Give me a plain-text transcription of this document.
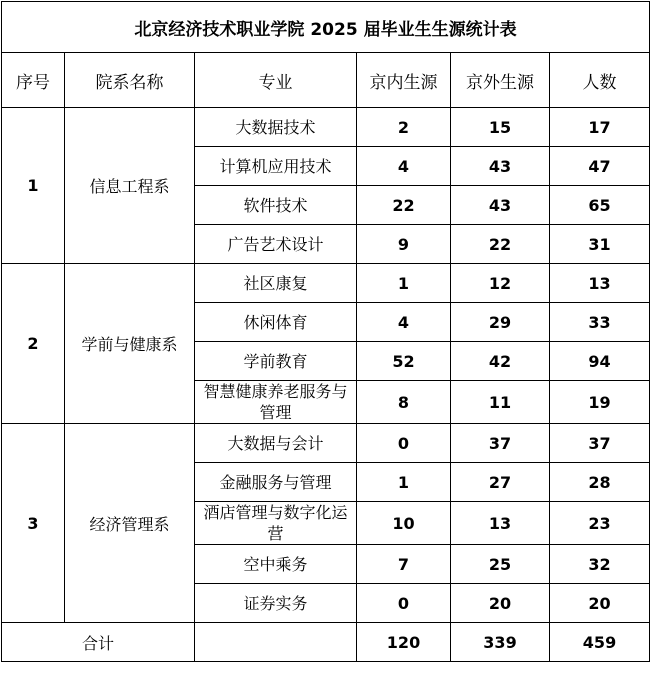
北京经济技术职业学院 2025 届毕业生生源统计表					
序号	院系名称	专业	京内生源	京外生源	人数
1	信息工程系	大数据技术	2	15	17
		计算机应用技术	4	43	47
		软件技术	22	43	65
		广告艺术设计	9	22	31
2	学前与健康系	社区康复	1	12	13
		休闲体育	4	29	33
		学前教育	52	42	94
		智慧健康养老服务与管理	8	11	19
3	经济管理系	大数据与会计	0	37	37
		金融服务与管理	1	27	28
		酒店管理与数字化运营	10	13	23
		空中乘务	7	25	32
		证券实务	0	20	20
合计			120	339	459
